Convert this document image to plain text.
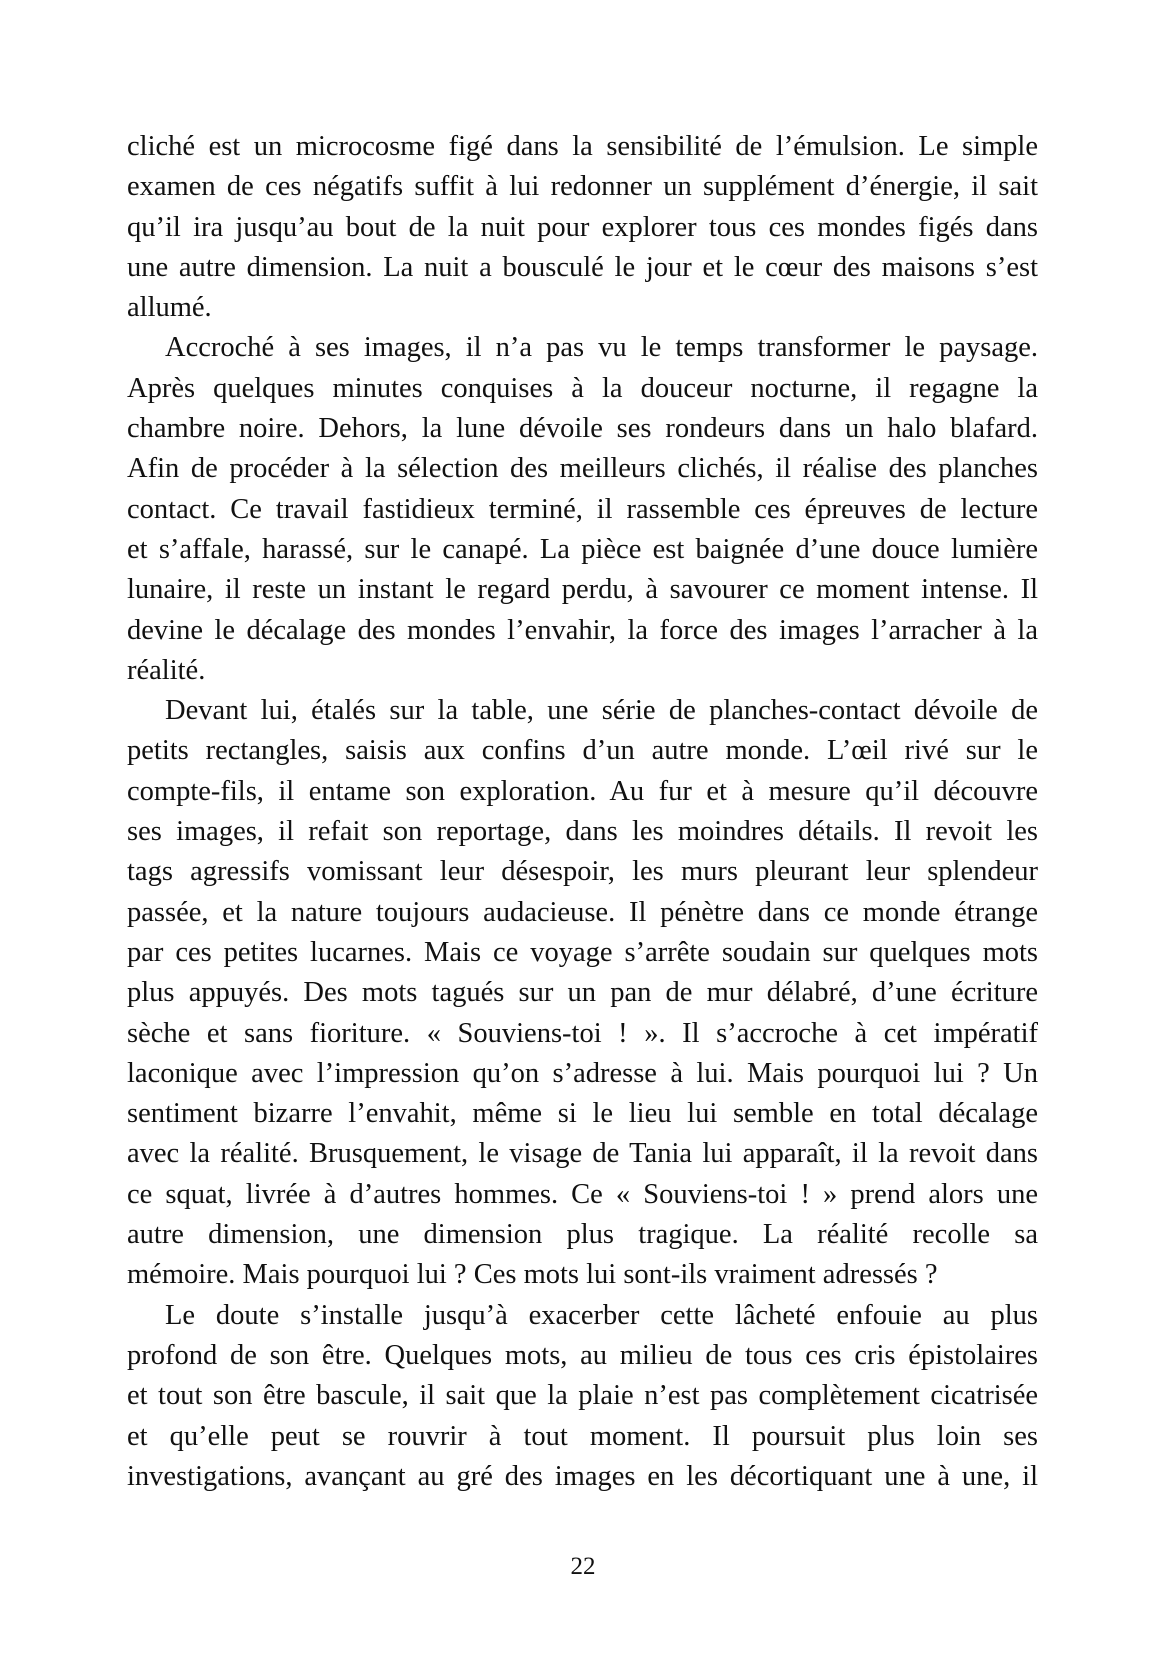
cliché est un microcosme figé dans la sensibilité de l’émulsion. Le simple
examen de ces négatifs suffit à lui redonner un supplément d’énergie, il sait
qu’il ira jusqu’au bout de la nuit pour explorer tous ces mondes figés dans
une autre dimension. La nuit a bousculé le jour et le cœur des maisons s’est
allumé.
Accroché à ses images, il n’a pas vu le temps transformer le paysage.
Après quelques minutes conquises à la douceur nocturne, il regagne la
chambre noire. Dehors, la lune dévoile ses rondeurs dans un halo blafard.
Afin de procéder à la sélection des meilleurs clichés, il réalise des planches
contact. Ce travail fastidieux terminé, il rassemble ces épreuves de lecture
et s’affale, harassé, sur le canapé. La pièce est baignée d’une douce lumière
lunaire, il reste un instant le regard perdu, à savourer ce moment intense. Il
devine le décalage des mondes l’envahir, la force des images l’arracher à la
réalité.
Devant lui, étalés sur la table, une série de planches-contact dévoile de
petits rectangles, saisis aux confins d’un autre monde. L’œil rivé sur le
compte-fils, il entame son exploration. Au fur et à mesure qu’il découvre
ses images, il refait son reportage, dans les moindres détails. Il revoit les
tags agressifs vomissant leur désespoir, les murs pleurant leur splendeur
passée, et la nature toujours audacieuse. Il pénètre dans ce monde étrange
par ces petites lucarnes. Mais ce voyage s’arrête soudain sur quelques mots
plus appuyés. Des mots tagués sur un pan de mur délabré, d’une écriture
sèche et sans fioriture. « Souviens-toi ! ». Il s’accroche à cet impératif
laconique avec l’impression qu’on s’adresse à lui. Mais pourquoi lui ? Un
sentiment bizarre l’envahit, même si le lieu lui semble en total décalage
avec la réalité. Brusquement, le visage de Tania lui apparaît, il la revoit dans
ce squat, livrée à d’autres hommes. Ce « Souviens-toi ! » prend alors une
autre dimension, une dimension plus tragique. La réalité recolle sa
mémoire. Mais pourquoi lui ? Ces mots lui sont-ils vraiment adressés ?
Le doute s’installe jusqu’à exacerber cette lâcheté enfouie au plus
profond de son être. Quelques mots, au milieu de tous ces cris épistolaires
et tout son être bascule, il sait que la plaie n’est pas complètement cicatrisée
et qu’elle peut se rouvrir à tout moment. Il poursuit plus loin ses
investigations, avançant au gré des images en les décortiquant une à une, il
22
